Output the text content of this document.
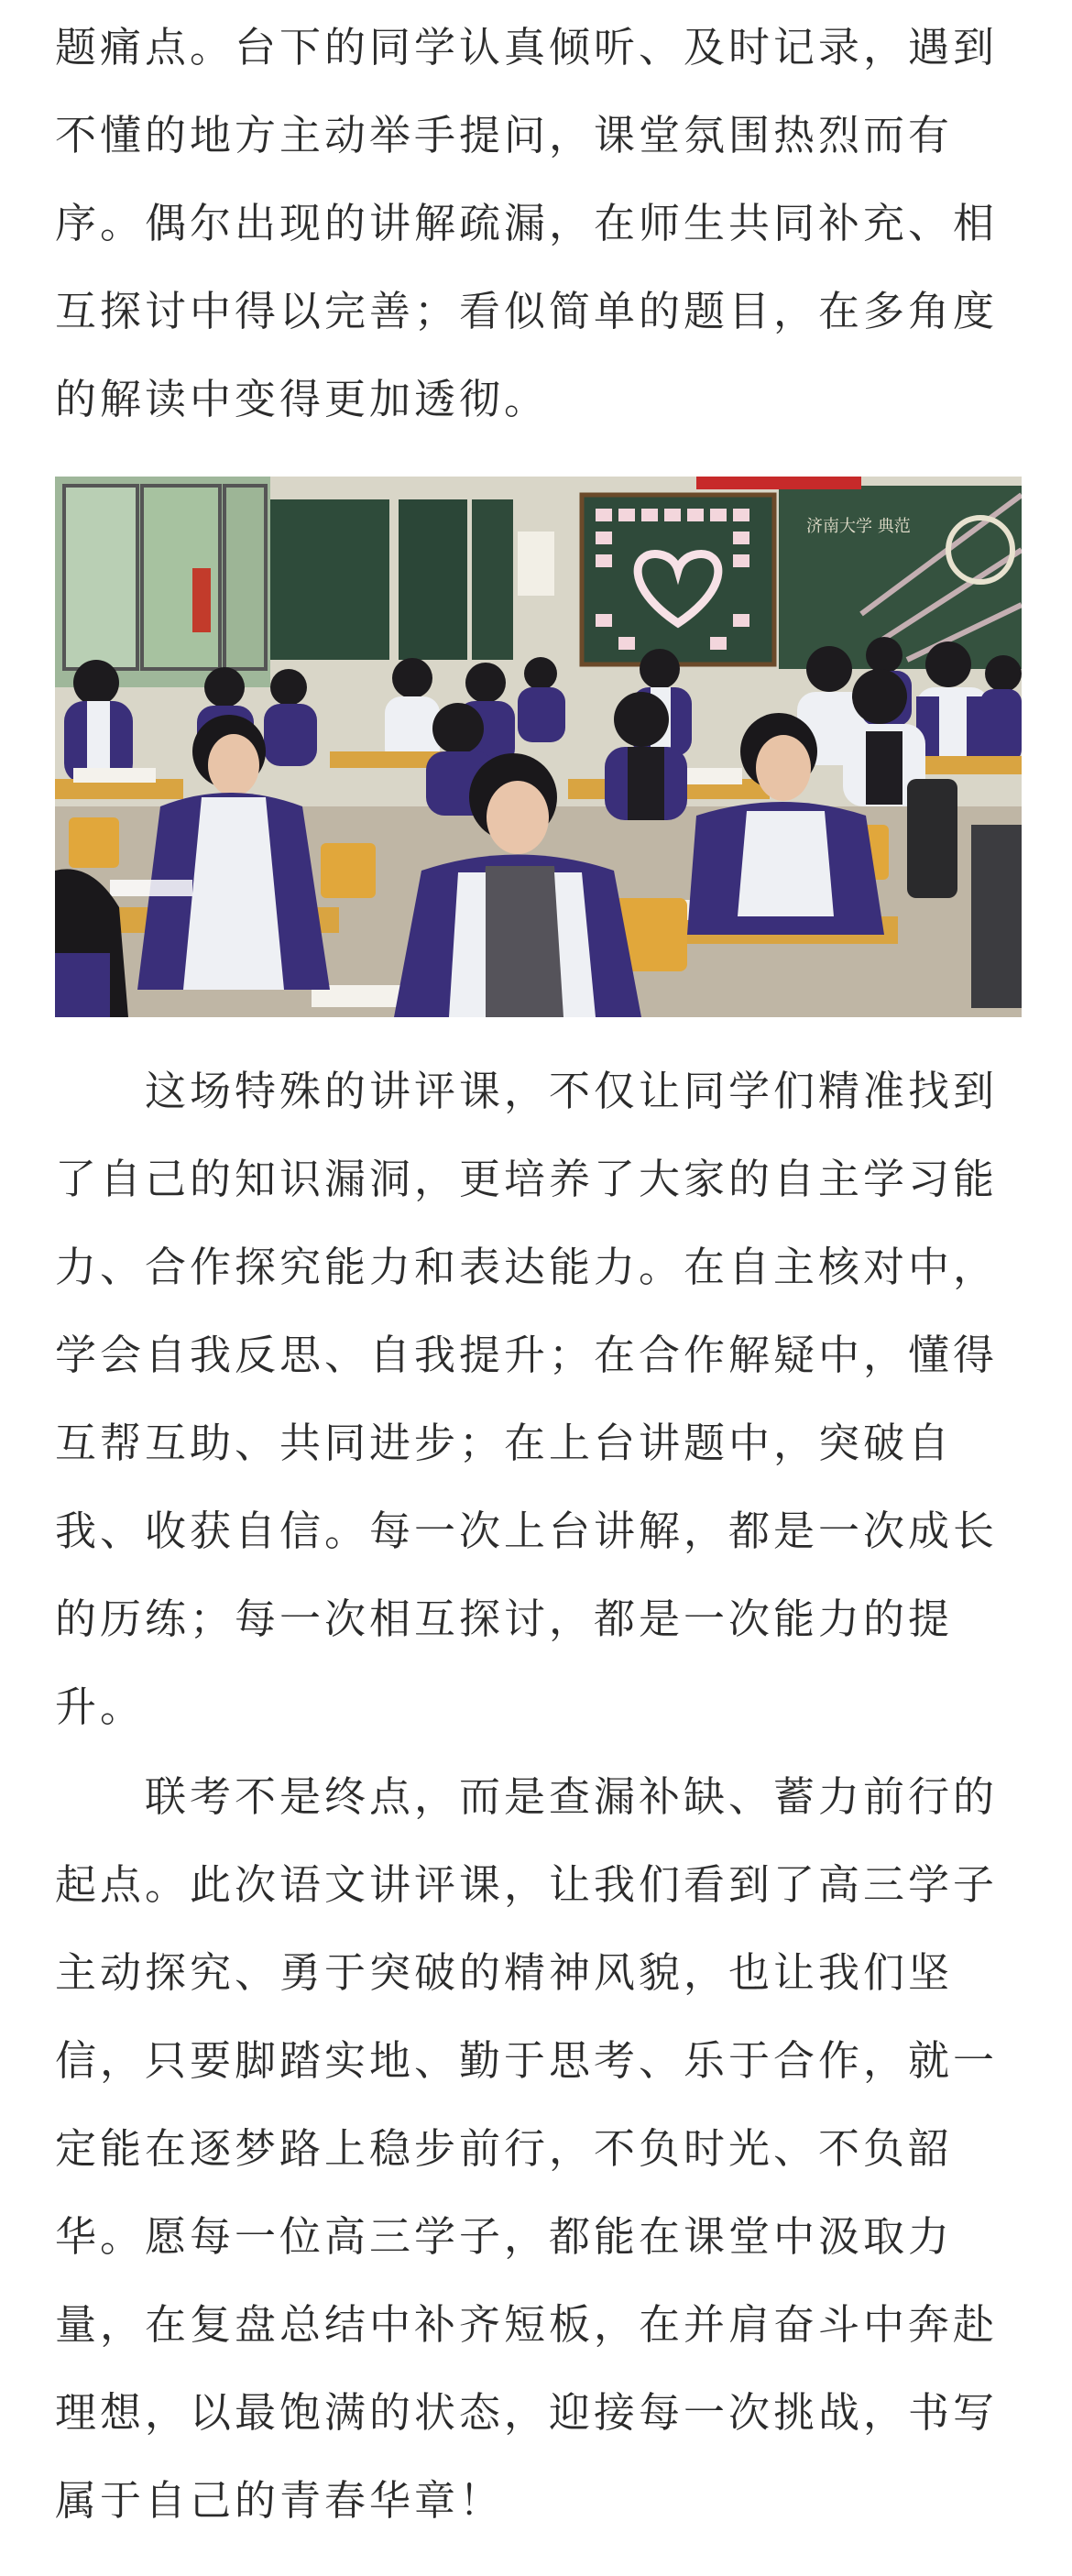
题痛点。台下的同学认真倾听、及时记录，遇到
不懂的地方主动举手提问，课堂氛围热烈而有
序。偶尔出现的讲解疏漏，在师生共同补充、相
互探讨中得以完善；看似简单的题目，在多角度
的解读中变得更加透彻。

　　这场特殊的讲评课，不仅让同学们精准找到
了自己的知识漏洞，更培养了大家的自主学习能
力、合作探究能力和表达能力。在自主核对中，
学会自我反思、自我提升；在合作解疑中，懂得
互帮互助、共同进步；在上台讲题中，突破自
我、收获自信。每一次上台讲解，都是一次成长
的历练；每一次相互探讨，都是一次能力的提
升。

　　联考不是终点，而是查漏补缺、蓄力前行的
起点。此次语文讲评课，让我们看到了高三学子
主动探究、勇于突破的精神风貌，也让我们坚
信，只要脚踏实地、勤于思考、乐于合作，就一
定能在逐梦路上稳步前行，不负时光、不负韶
华。愿每一位高三学子，都能在课堂中汲取力
量，在复盘总结中补齐短板，在并肩奋斗中奔赴
理想，以最饱满的状态，迎接每一次挑战，书写
属于自己的青春华章！

济南大学 典范
